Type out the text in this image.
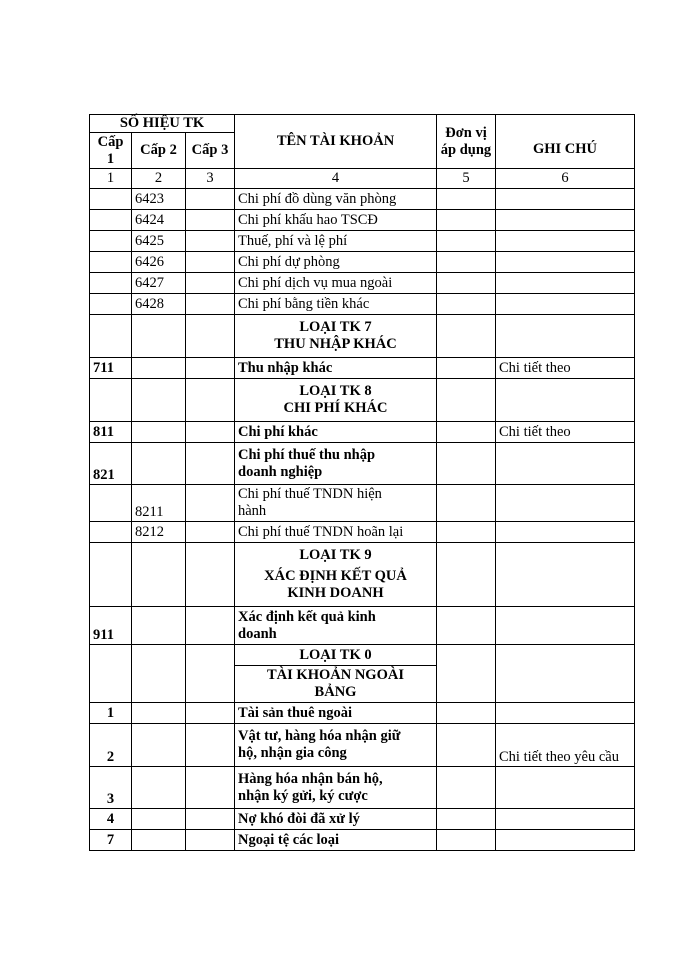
SỐ HIỆU TK			TÊN TÀI KHOẢN	Đơn vị áp dụng	GHI CHÚ
Cấp 1	Cấp 2	Cấp 3			
1	2	3	4	5	6
	6423		Chi phí đồ dùng văn phòng		
	6424		Chi phí khấu hao TSCĐ		
	6425		Thuế, phí và lệ phí		
	6426		Chi phí dự phòng		
	6427		Chi phí dịch vụ mua ngoài		
	6428		Chi phí bằng tiền khác		

			LOẠI TK 7
THU NHẬP KHÁC		

711			Thu nhập khác		Chi tiết theo

			LOẠI TK 8
CHI PHÍ KHÁC		

811			Chi phí khác		Chi tiết theo
821			Chi phí thuế thu nhập
doanh nghiệp		

	8211		Chi phí thuế TNDN hiện
hành		

	8212		Chi phí thuế TNDN hoãn lại		

			LOẠI TK 9
XÁC ĐỊNH KẾT QUẢ
KINH DOANH		

911			Xác định kết quả kinh
doanh		

			LOẠI TK 0		

			TÀI KHOẢN NGOÀI
BẢNG		

1			Tài sản thuê ngoài		
2			Vật tư, hàng hóa nhận giữ
hộ, nhận gia công		Chi tiết theo yêu cầu
3			Hàng hóa nhận bán hộ,
nhận ký gửi, ký cược		

4			Nợ khó đòi đã xử lý		
7			Ngoại tệ các loại		
